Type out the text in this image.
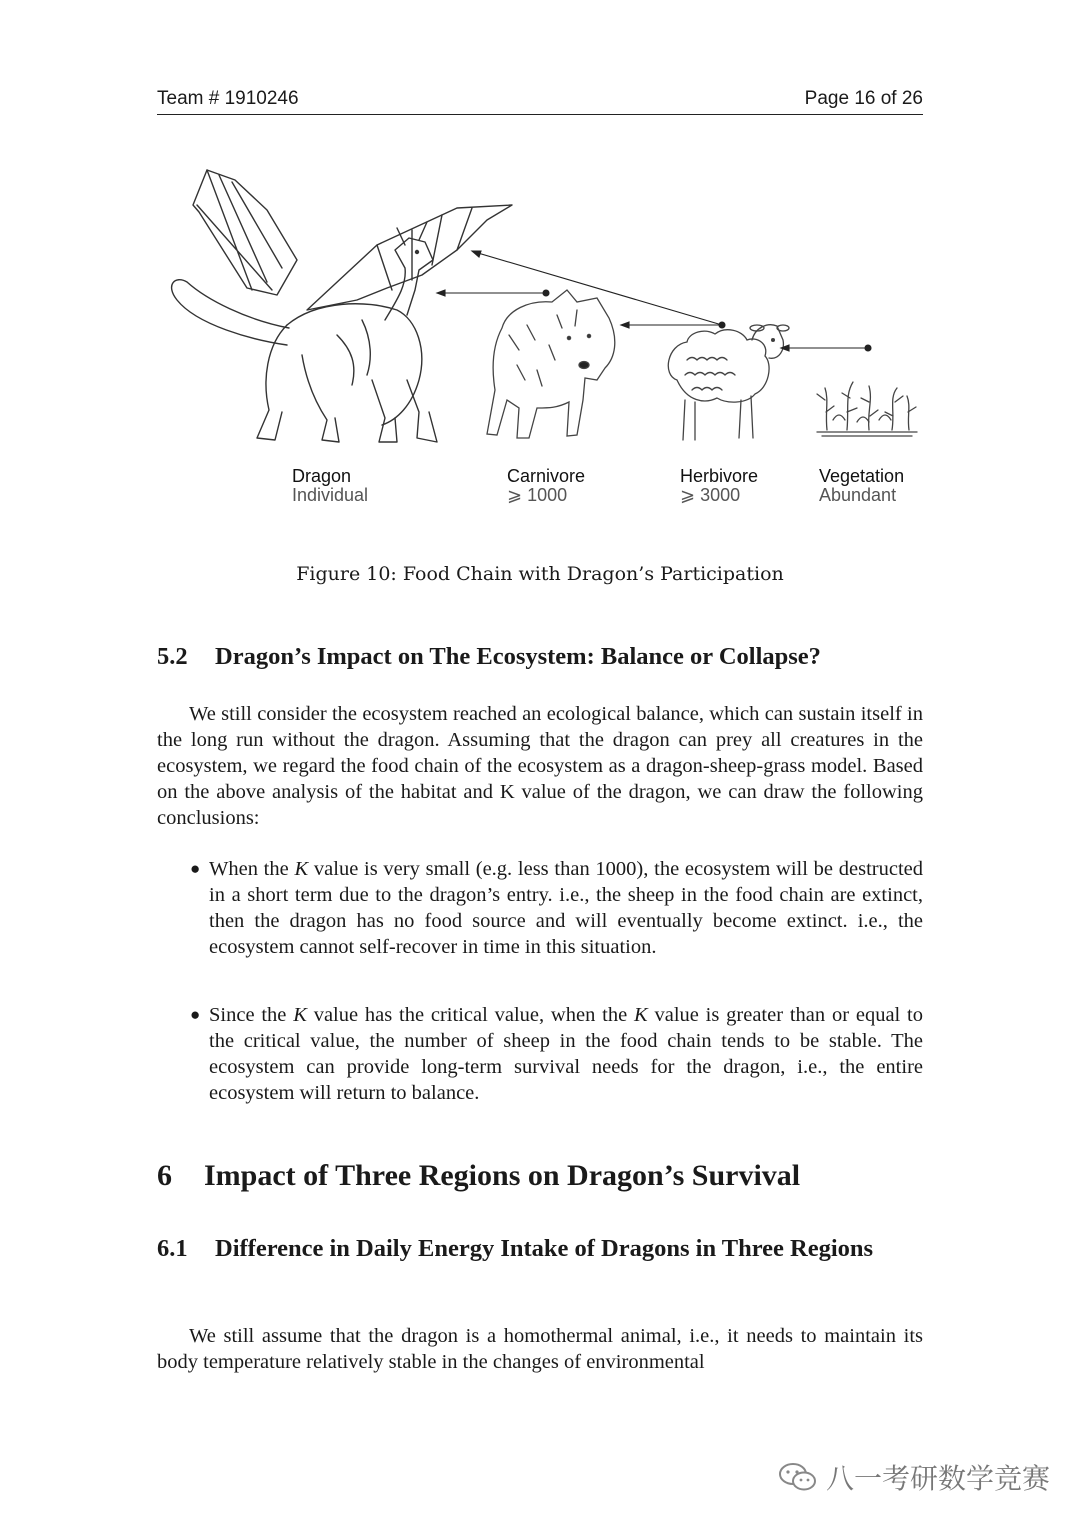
Team # 1910246	Page 16 of 26
Dragon
Individual
Carnivore
⩾ 1000
Herbivore
⩾ 3000
Vegetation
Abundant
Figure 10: Food Chain with Dragon’s Participation
5.2 Dragon’s Impact on The Ecosystem: Balance or Collapse?
We still consider the ecosystem reached an ecological balance, which can sustain itself in the long run without the dragon. Assuming that the dragon can prey all creatures in the ecosystem, we regard the food chain of the ecosystem as a dragon-sheep-grass model. Based on the above analysis of the habitat and K value of the dragon, we can draw the following conclusions:
● When the K value is very small (e.g. less than 1000), the ecosystem will be destructed in a short term due to the dragon’s entry. i.e., the sheep in the food chain are extinct, then the dragon has no food source and will eventually become extinct. i.e., the ecosystem cannot self-recover in time in this situation.
● Since the K value has the critical value, when the K value is greater than or equal to the critical value, the number of sheep in the food chain tends to be stable. The ecosystem can provide long-term survival needs for the dragon, i.e., the entire ecosystem will return to balance.
6 Impact of Three Regions on Dragon’s Survival
6.1 Difference in Daily Energy Intake of Dragons in Three Regions
We still assume that the dragon is a homothermal animal, i.e., it needs to maintain its body temperature relatively stable in the changes of environmental
八一考研数学竞赛
